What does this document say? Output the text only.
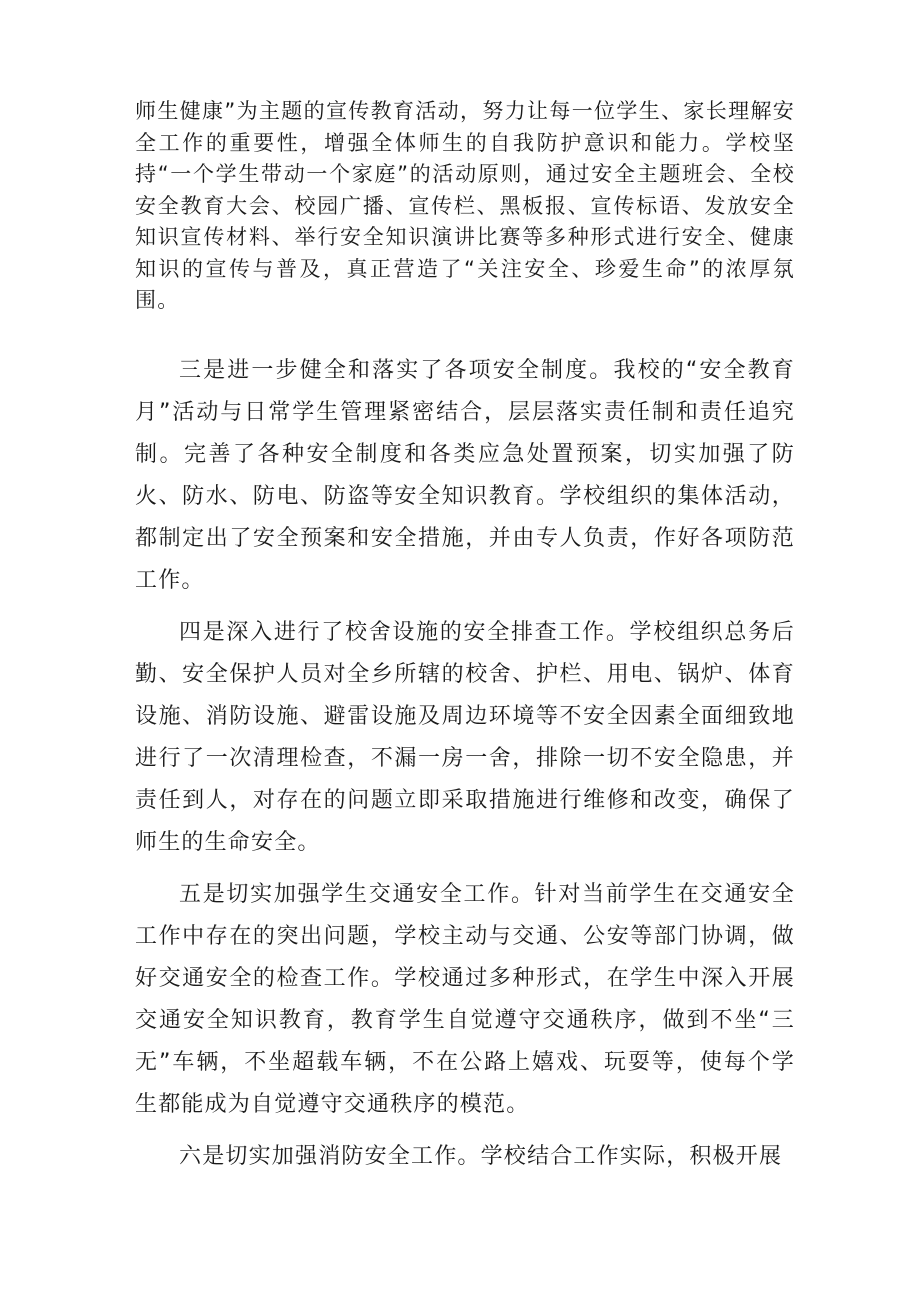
师生健康”为主题的宣传教育活动，努力让每一位学生、家长理解安全工作的重要性，增强全体师生的自我防护意识和能力。学校坚持“一个学生带动一个家庭”的活动原则，通过安全主题班会、全校安全教育大会、校园广播、宣传栏、黑板报、宣传标语、发放安全知识宣传材料、举行安全知识演讲比赛等多种形式进行安全、健康知识的宣传与普及，真正营造了“关注安全、珍爱生命”的浓厚氛围。

三是进一步健全和落实了各项安全制度。我校的“安全教育月”活动与日常学生管理紧密结合，层层落实责任制和责任追究制。完善了各种安全制度和各类应急处置预案，切实加强了防火、防水、防电、防盗等安全知识教育。学校组织的集体活动，都制定出了安全预案和安全措施，并由专人负责，作好各项防范工作。

四是深入进行了校舍设施的安全排查工作。学校组织总务后勤、安全保护人员对全乡所辖的校舍、护栏、用电、锅炉、体育设施、消防设施、避雷设施及周边环境等不安全因素全面细致地进行了一次清理检查，不漏一房一舍，排除一切不安全隐患，并责任到人，对存在的问题立即采取措施进行维修和改变，确保了师生的生命安全。

五是切实加强学生交通安全工作。针对当前学生在交通安全工作中存在的突出问题，学校主动与交通、公安等部门协调，做好交通安全的检查工作。学校通过多种形式，在学生中深入开展交通安全知识教育，教育学生自觉遵守交通秩序，做到不坐“三无”车辆，不坐超载车辆，不在公路上嬉戏、玩耍等，使每个学生都能成为自觉遵守交通秩序的模范。

六是切实加强消防安全工作。学校结合工作实际，积极开展
